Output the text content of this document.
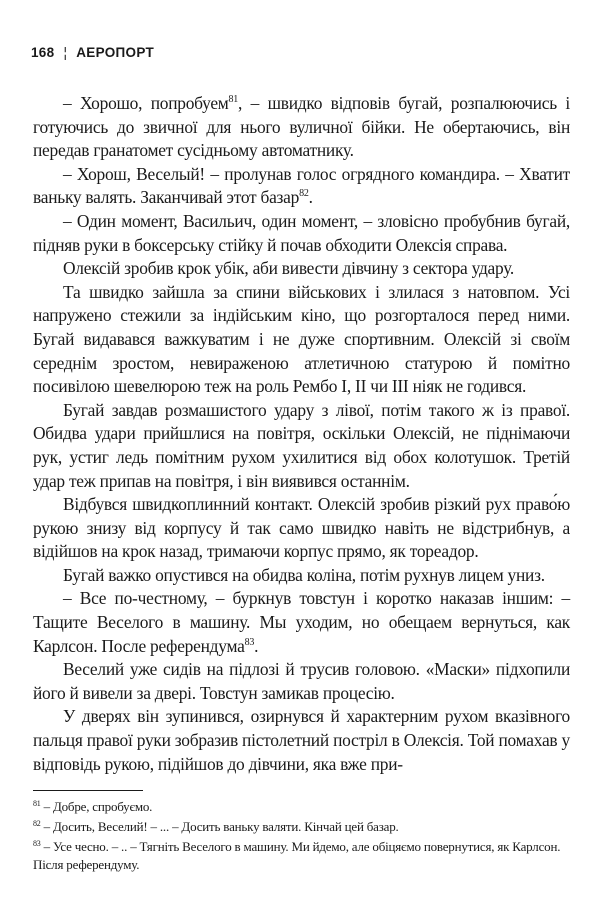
168 ¦ АЕРОПОРТ

– Хорошо, попробуем$^{81}$, – швидко відповів бугай, розпалюючись і готуючись до звичної для нього вуличної бійки. Не обертаючись, він передав гранатомет сусідньому автоматнику.

– Хорош, Веселый! – пролунав голос огрядного командира. – Хватит ваньку валять. Заканчивай этот базар$^{82}$.

– Один момент, Васильич, один момент, – зловісно пробубнив бугай, підняв руки в боксерську стійку й почав обходити Олексія справа.

Олексій зробив крок убік, аби вивести дівчину з сектора удару.

Та швидко зайшла за спини військових і злилася з натовпом. Усі напружено стежили за індійським кіно, що розгорталося перед ними. Бугай видавався важкуватим і не дуже спортивним. Олексій зі своїм середнім зростом, невираженою атлетичною статурою й помітно посивілою шевелюрою теж на роль Рембо І, ІІ чи ІІІ ніяк не годився.

Бугай завдав розмашистого удару з лівої, потім такого ж із правої. Обидва удари прийшлися на повітря, оскільки Олексій, не піднімаючи рук, устиг ледь помітним рухом ухилитися від обох колотушок. Третій удар теж припав на повітря, і він виявився останнім.

Відбувся швидкоплинний контакт. Олексій зробив різкий рух право́ю рукою знизу від корпусу й так само швидко навіть не відстрибнув, а відійшов на крок назад, тримаючи корпус прямо, як тореадор.

Бугай важко опустився на обидва коліна, потім рухнув лицем униз.

– Все по-честному, – буркнув товстун і коротко наказав іншим: – Тащите Веселого в машину. Мы уходим, но обещаем вернуться, как Карлсон. После референдума$^{83}$.

Веселий уже сидів на підлозі й трусив головою. «Маски» підхопили його й вивели за двері. Товстун замикав процесію.

У дверях він зупинився, озирнувся й характерним рухом вказівного пальця правої руки зобразив пістолетний постріл в Олексія. Той помахав у відповідь рукою, підійшов до дівчини, яка вже при-

$^{81}$ – Добре, спробуємо.

$^{82}$ – Досить, Веселий! – ... – Досить ваньку валяти. Кінчай цей базар.

$^{83}$ – Усе чесно. – .. – Тягніть Веселого в машину. Ми йдемо, але обіцяємо повернутися, як Карлсон. Після референдуму.
